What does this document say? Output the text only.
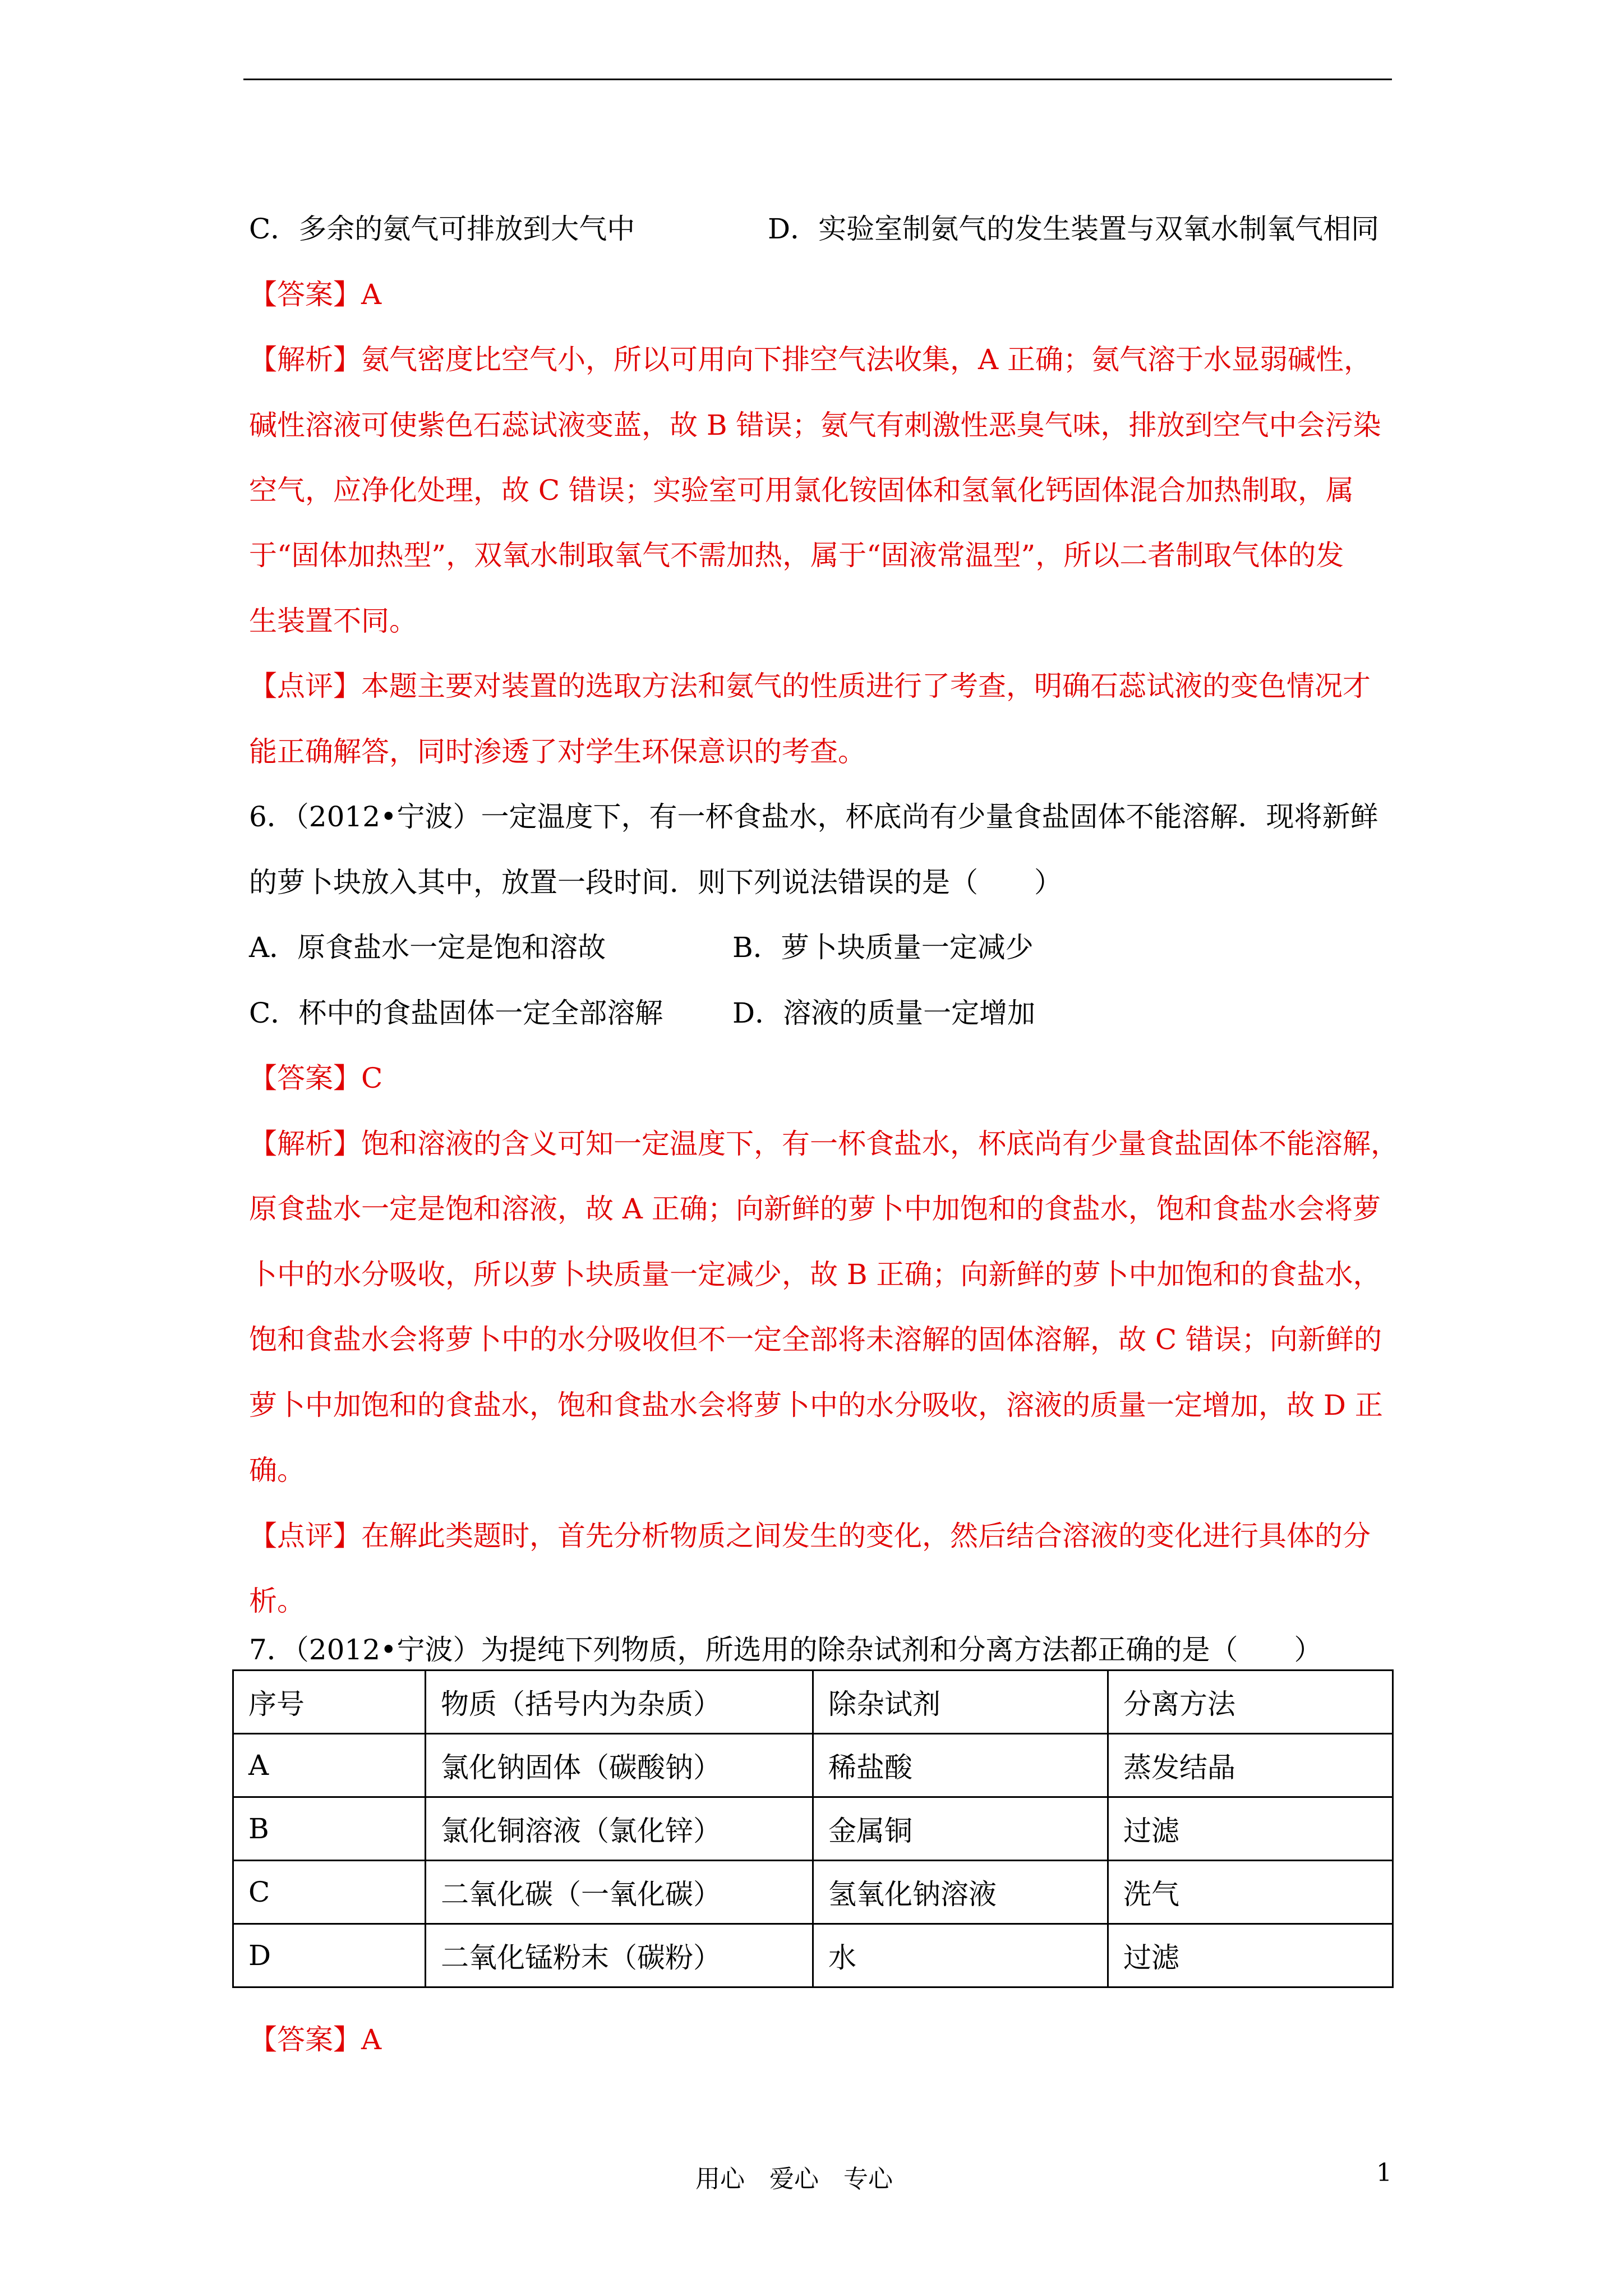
C．多余的氨气可排放到大气中	D．实验室制氨气的发生装置与双氧水制氧气相同
【答案】A
【解析】氨气密度比空气小，所以可用向下排空气法收集，A 正确；氨气溶于水显弱碱性，
碱性溶液可使紫色石蕊试液变蓝，故 B 错误；氨气有刺激性恶臭气味，排放到空气中会污染
空气，应净化处理，故 C 错误；实验室可用氯化铵固体和氢氧化钙固体混合加热制取，属
于“固体加热型”，双氧水制取氧气不需加热，属于“固液常温型”，所以二者制取气体的发
生装置不同。
【点评】本题主要对装置的选取方法和氨气的性质进行了考查，明确石蕊试液的变色情况才
能正确解答，同时渗透了对学生环保意识的考查。
6．（2012•宁波）一定温度下，有一杯食盐水，杯底尚有少量食盐固体不能溶解．现将新鲜
的萝卜块放入其中，放置一段时间．则下列说法错误的是（　　）
A．原食盐水一定是饱和溶故	B．萝卜块质量一定减少
C．杯中的食盐固体一定全部溶解 D．溶液的质量一定增加
【答案】C
【解析】饱和溶液的含义可知一定温度下，有一杯食盐水，杯底尚有少量食盐固体不能溶解，
原食盐水一定是饱和溶液，故 A 正确；向新鲜的萝卜中加饱和的食盐水，饱和食盐水会将萝
卜中的水分吸收，所以萝卜块质量一定减少，故 B 正确；向新鲜的萝卜中加饱和的食盐水，
饱和食盐水会将萝卜中的水分吸收但不一定全部将未溶解的固体溶解，故 C 错误；向新鲜的
萝卜中加饱和的食盐水，饱和食盐水会将萝卜中的水分吸收，溶液的质量一定增加，故 D 正
确。
【点评】在解此类题时，首先分析物质之间发生的变化，然后结合溶液的变化进行具体的分
析。
7．（2012•宁波）为提纯下列物质，所选用的除杂试剂和分离方法都正确的是（　　）
序号	物质（括号内为杂质）	除杂试剂	分离方法
A	氯化钠固体（碳酸钠）	稀盐酸	蒸发结晶
B	氯化铜溶液（氯化锌）	金属铜	过滤
C	二氧化碳（一氧化碳）	氢氧化钠溶液	洗气
D	二氧化锰粉末（碳粉）	水	过滤
【答案】A
用心　爱心　专心	1
